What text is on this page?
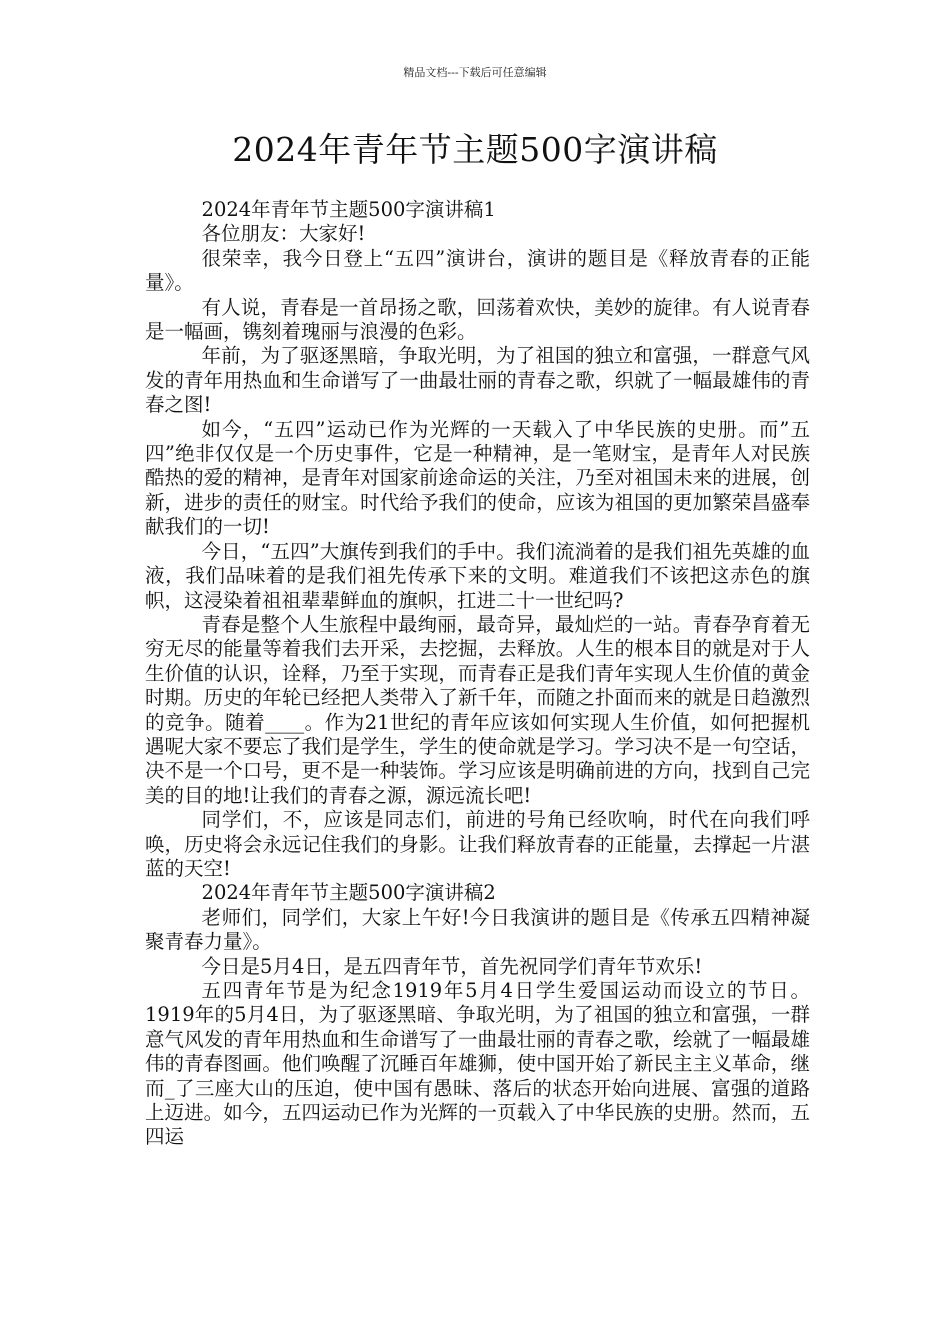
精品文档---下载后可任意编辑
2024年青年节主题500字演讲稿

2024年青年节主题500字演讲稿1

各位朋友：大家好!

很荣幸，我今日登上“五四”演讲台，演讲的题目是《释放青春的正能量》。

有人说，青春是一首昂扬之歌，回荡着欢快，美妙的旋律。有人说青春是一幅画，镌刻着瑰丽与浪漫的色彩。

年前，为了驱逐黑暗，争取光明，为了祖国的独立和富强，一群意气风发的青年用热血和生命谱写了一曲最壮丽的青春之歌，织就了一幅最雄伟的青春之图!

如今，“五四”运动已作为光辉的一天载入了中华民族的史册。而”五四”绝非仅仅是一个历史事件，它是一种精神，是一笔财宝，是青年人对民族酷热的爱的精神，是青年对国家前途命运的关注，乃至对祖国未来的进展，创新，进步的责任的财宝。时代给予我们的使命，应该为祖国的更加繁荣昌盛奉献我们的一切!

今日，“五四”大旗传到我们的手中。我们流淌着的是我们祖先英雄的血液，我们品味着的是我们祖先传承下来的文明。难道我们不该把这赤色的旗帜，这浸染着祖祖辈辈鲜血的旗帜，扛进二十一世纪吗?

青春是整个人生旅程中最绚丽，最奇异，最灿烂的一站。青春孕育着无穷无尽的能量等着我们去开采，去挖掘，去释放。人生的根本目的就是对于人生价值的认识，诠释，乃至于实现，而青春正是我们青年实现人生价值的黄金时期。历史的年轮已经把人类带入了新千年，而随之扑面而来的就是日趋激烈的竞争。随着____。作为21世纪的青年应该如何实现人生价值，如何把握机遇呢大家不要忘了我们是学生，学生的使命就是学习。学习决不是一句空话，决不是一个口号，更不是一种装饰。学习应该是明确前进的方向，找到自己完美的目的地!让我们的青春之源，源远流长吧!

同学们，不，应该是同志们，前进的号角已经吹响，时代在向我们呼唤，历史将会永远记住我们的身影。让我们释放青春的正能量，去撑起一片湛蓝的天空!

2024年青年节主题500字演讲稿2

老师们，同学们，大家上午好!今日我演讲的题目是《传承五四精神凝聚青春力量》。

今日是5月4日，是五四青年节，首先祝同学们青年节欢乐!

五四青年节是为纪念1919年5月4日学生爱国运动而设立的节日。1919年的5月4日，为了驱逐黑暗、争取光明，为了祖国的独立和富强，一群意气风发的青年用热血和生命谱写了一曲最壮丽的青春之歌，绘就了一幅最雄伟的青春图画。他们唤醒了沉睡百年雄狮，使中国开始了新民主主义革命，继而_了三座大山的压迫，使中国有愚昧、落后的状态开始向进展、富强的道路上迈进。如今，五四运动已作为光辉的一页载入了中华民族的史册。然而，五四运
